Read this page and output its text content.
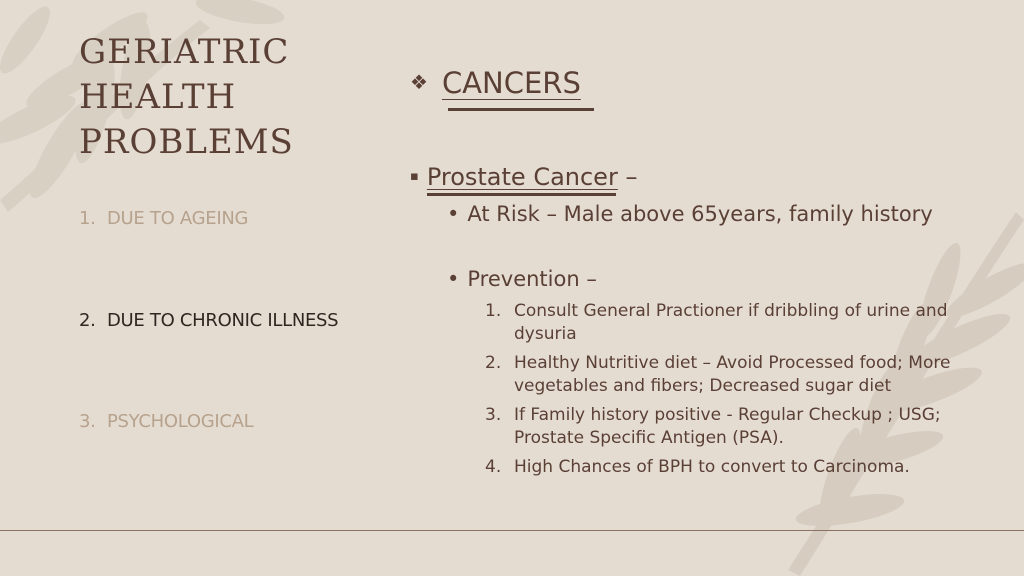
GERIATRIC
HEALTH
PROBLEMS
1. DUE TO AGEING
2. DUE TO CHRONIC ILLNESS
3. PSYCHOLOGICAL
❖ CANCERS
▪ Prostate Cancer –
• At Risk – Male above 65years, family history
• Prevention –
1. Consult General Practioner if dribbling of urine and dysuria
2. Healthy Nutritive diet – Avoid Processed food; More vegetables and fibers; Decreased sugar diet
3. If Family history positive - Regular Checkup ; USG; Prostate Specific Antigen (PSA).
4. High Chances of BPH to convert to Carcinoma.
